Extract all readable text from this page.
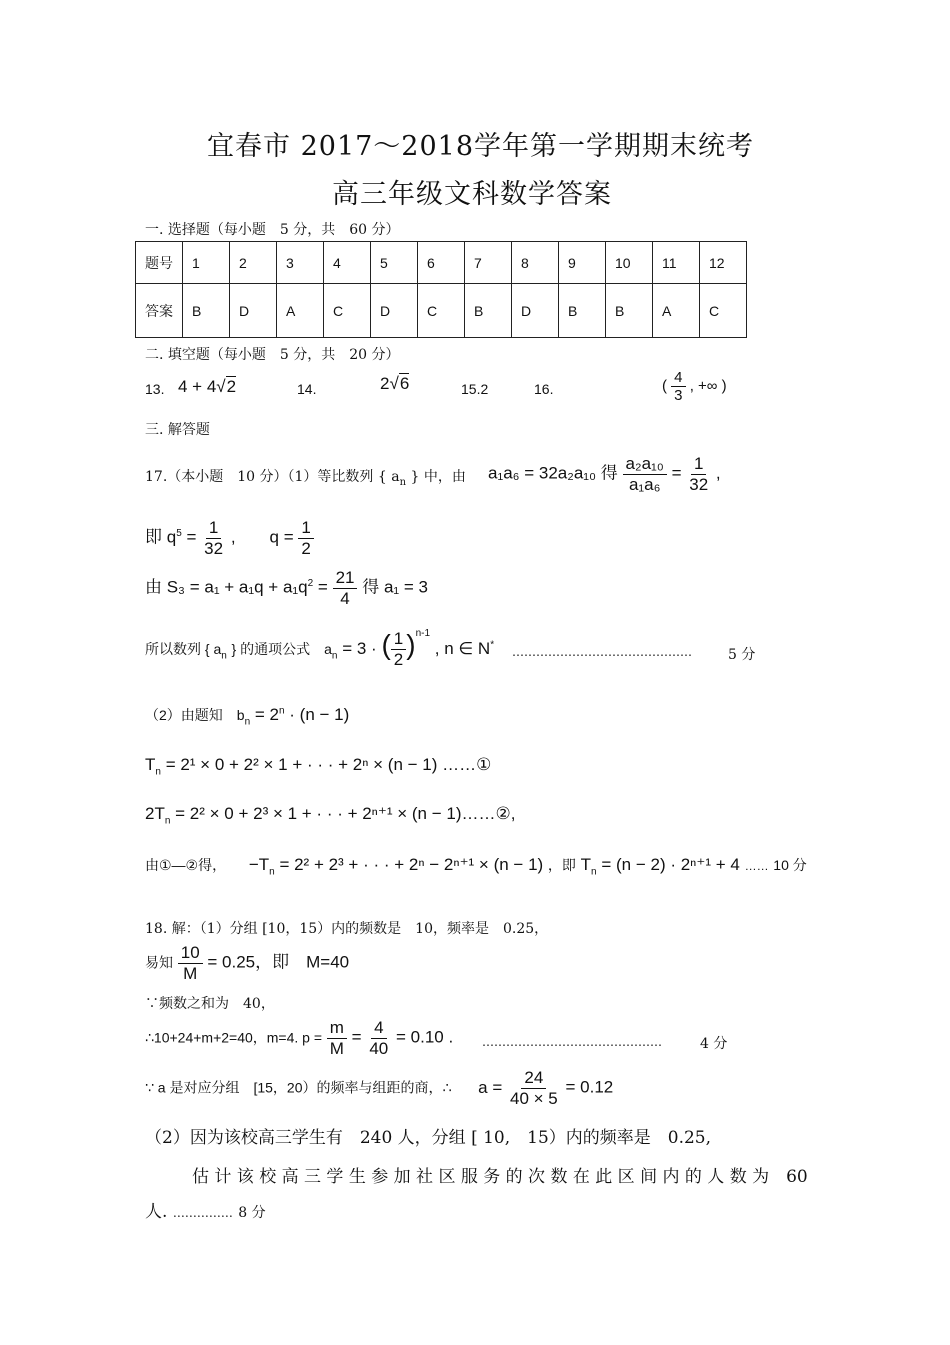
宜春市 2017～2018学年第一学期期末统考
高三年级文科数学答案
一. 选择题（每小题　5 分，共　60 分）
题号	1	2	3	4	5	6	7	8	9	10	11	12
答案	B	D	A	C	D	C	B	D	B	B	A	C
二. 填空题（每小题　5 分，共　20 分）
13. 4 + 4√2	14.	2√6	15.2	16.	( $\frac{4}{3}$ , +∞ )
三. 解答题
17.（本小题　10 分）（1）等比数列 { $a_n$ } 中，由 a₁a₆ = 32a₂a₁₀ 得 $\frac{\text{a₂a₁₀}}{\text{a₁a₆}} = \frac{1}{32}$ ,
即 $q^5 = \frac{1}{32}$ ,　　$q = \frac{1}{2}$
由 $S_3 = a_1 + a_1q + a_1q^2 = \frac{21}{4}$ 得 a₁ = 3
所以数列 { $a_n$ } 的通项公式　$a_n = 3$ · ( $\frac{1}{2} )^{n-1}$ , n ∈ N*
………………………………………	5 分
（2）由题知　$b_n = 2^n \cdot (n - 1)$
$T_n = 2^1 \times 0 + 2^2 \times 1$ + · · · + 2ⁿ × (n − 1) ……①
$2T_n = 2^2 \times 0 + 2^3 \times 1$ + · · · + 2ⁿ⁺¹ × (n − 1)……②,
由①—②得， $-T_n = 2^2 + 2^3$ + · · · + 2ⁿ − 2ⁿ⁺¹ × (n − 1) ，即 $T_n = (n - 2) \cdot 2^{n+1} + 4$ …… 10 分
18. 解：（1）分组 [10，15）内的频数是　10，频率是　0.25，
易知 $\frac{10}{M} = 0.25$，即　M=40
∵频数之和为　40，
∴10+24+m+2=40，m=4. $p = \frac{m}{M} = \frac{4}{40} = 0.10$ . ………………………………………	4 分
∵ a 是对应分组　[15，20）的频率与组距的商，∴ $a = \frac{24}{40 \times 5} = 0.12$
（2）因为该校高三学生有　240 人，分组 [ 10,　15）内的频率是　0.25,
估 计 该 校 高 三 学 生 参 加 社 区 服 务 的 次 数 在 此 区 间 内 的 人 数 为　60
人. …………… 8 分
